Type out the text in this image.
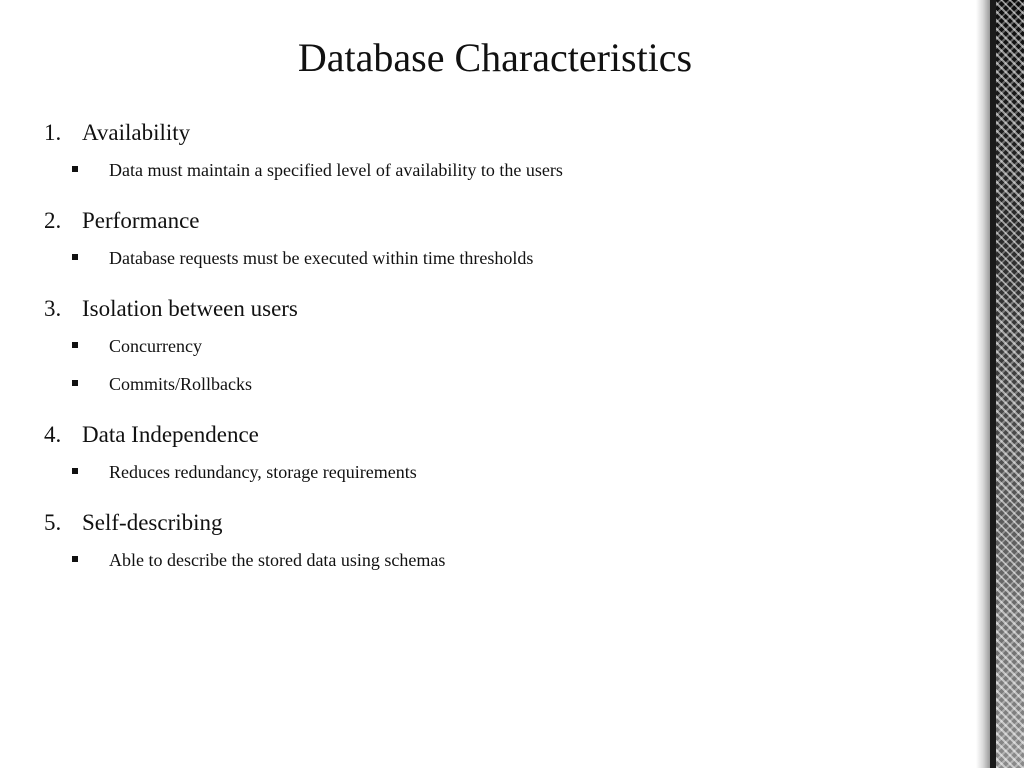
Database Characteristics
1. Availability
Data must maintain a specified level of availability to the users
2. Performance
Database requests must be executed within time thresholds
3. Isolation between users
Concurrency
Commits/Rollbacks
4. Data Independence
Reduces redundancy, storage requirements
5. Self-describing
Able to describe the stored data using schemas
